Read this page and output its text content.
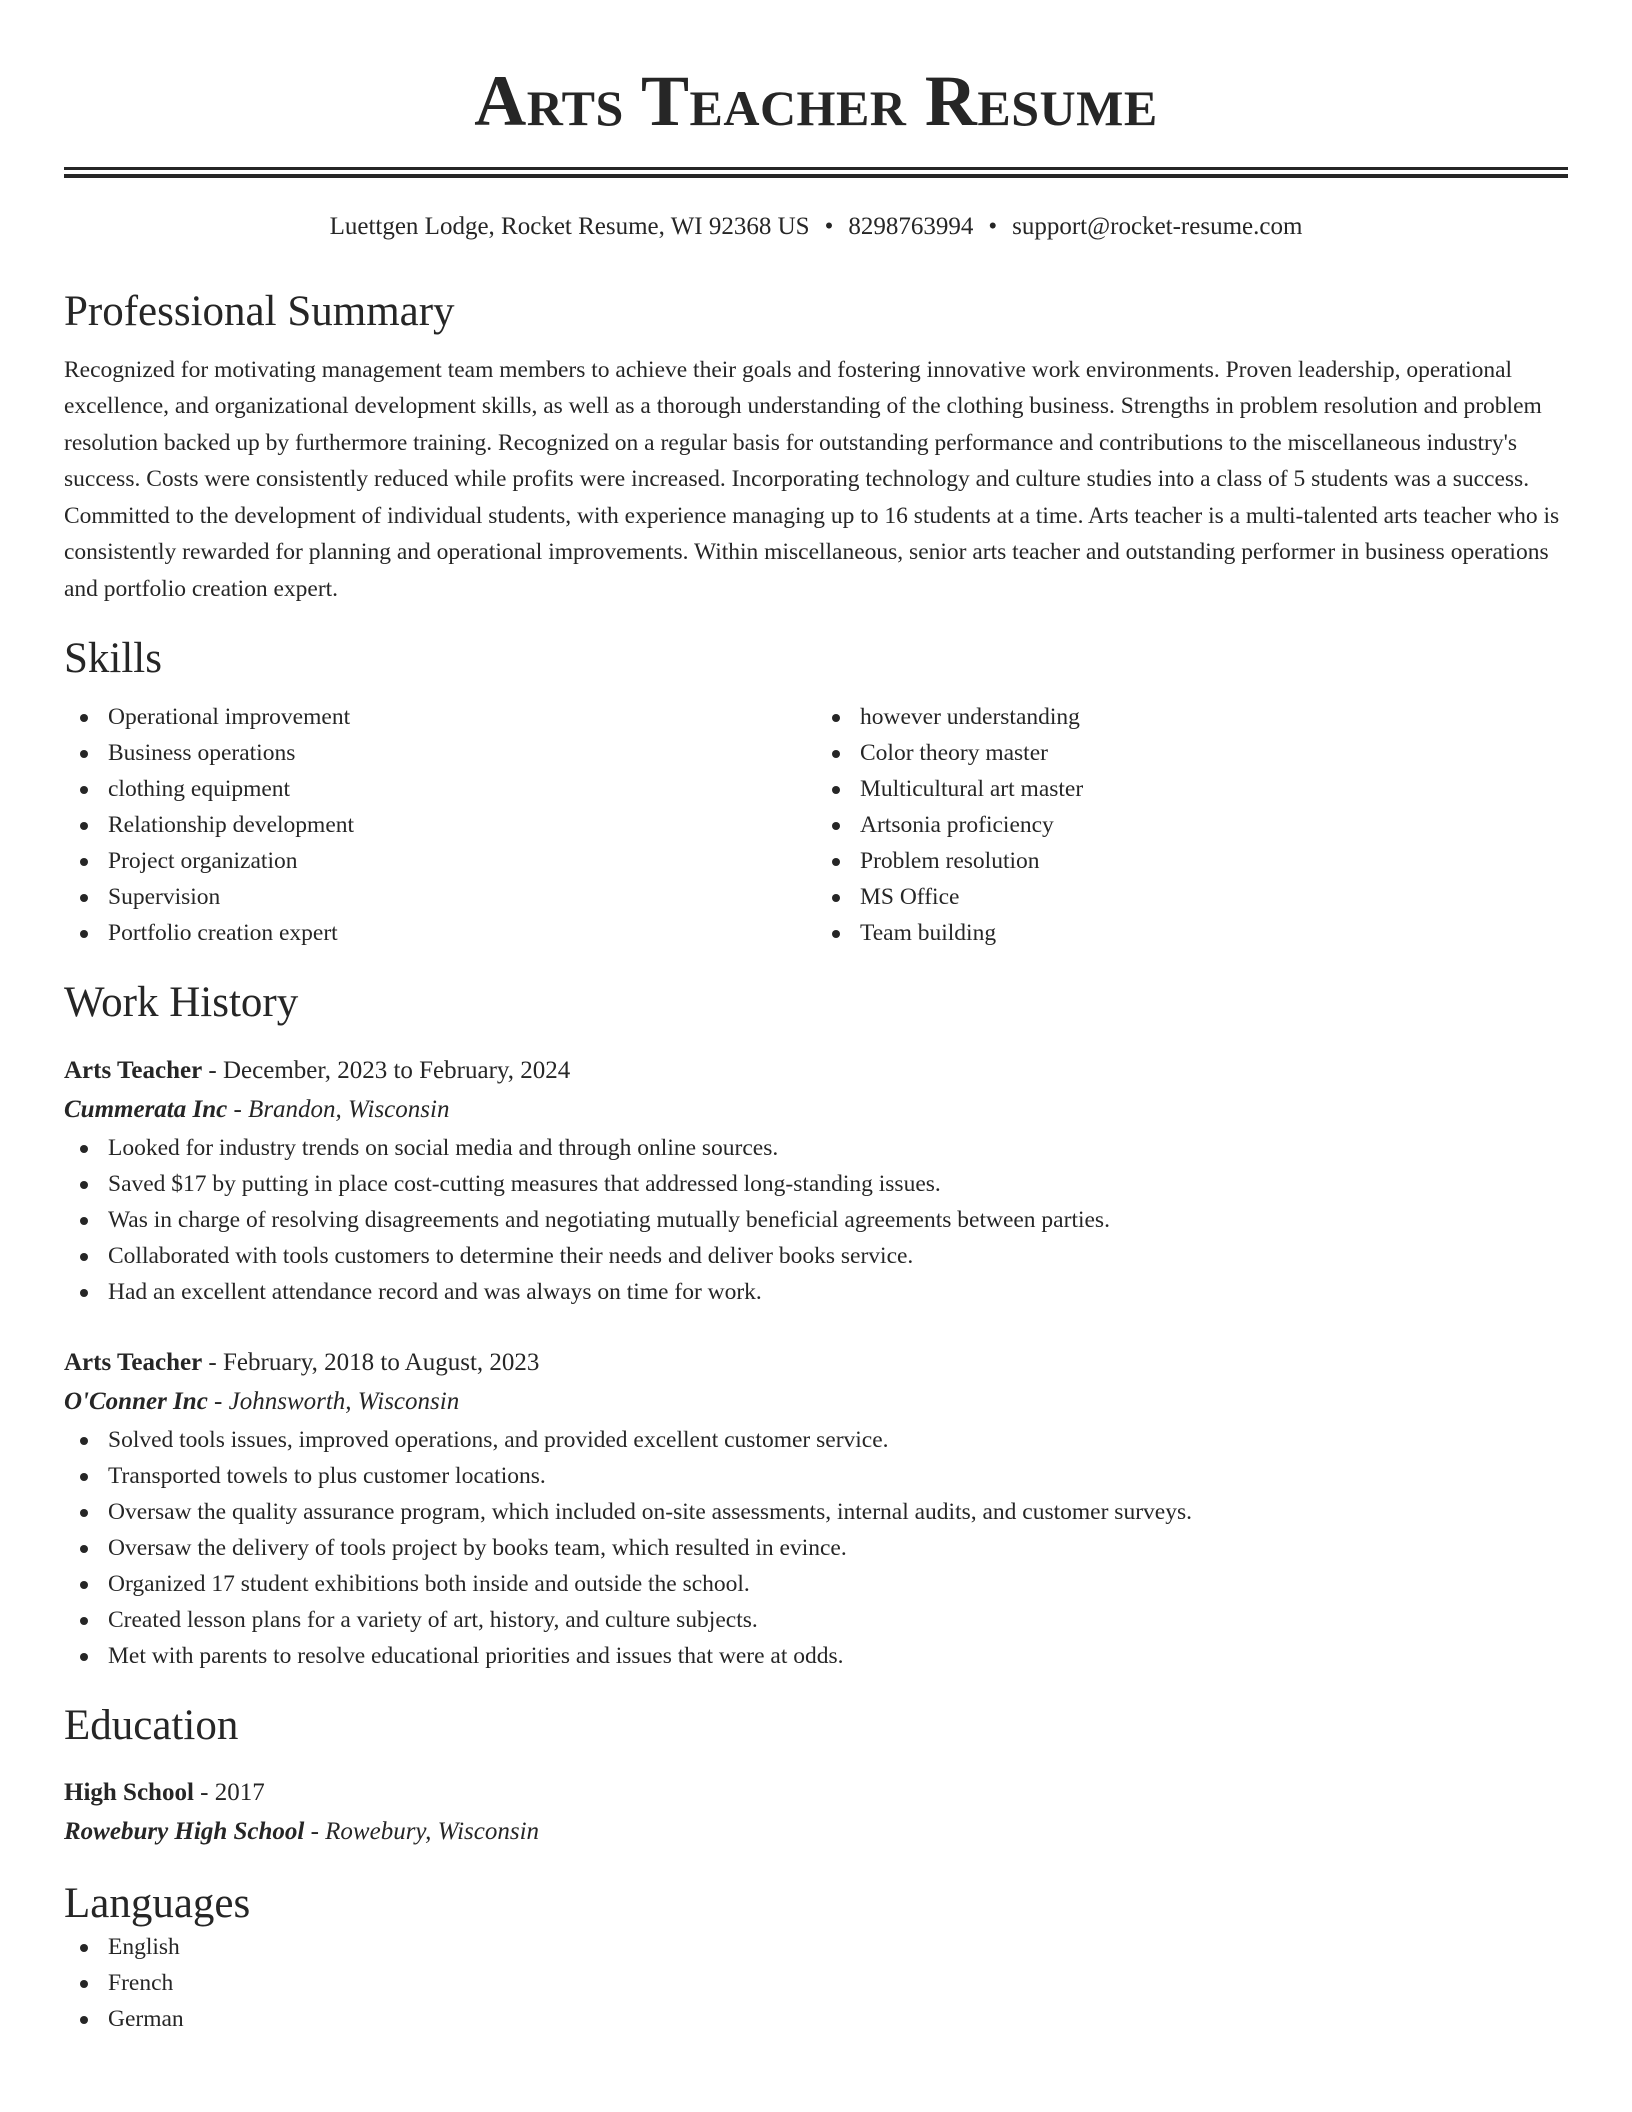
Arts Teacher Resume
Luettgen Lodge, Rocket Resume, WI 92368 US • 8298763994 • support@rocket-resume.com
Professional Summary

Recognized for motivating management team members to achieve their goals and fostering innovative work environments. Proven leadership, operational excellence, and organizational development skills, as well as a thorough understanding of the clothing business. Strengths in problem resolution and problem resolution backed up by furthermore training. Recognized on a regular basis for outstanding performance and contributions to the miscellaneous industry's success. Costs were consistently reduced while profits were increased. Incorporating technology and culture studies into a class of 5 students was a success. Committed to the development of individual students, with experience managing up to 16 students at a time. Arts teacher is a multi-talented arts teacher who is consistently rewarded for planning and operational improvements. Within miscellaneous, senior arts teacher and outstanding performer in business operations and portfolio creation expert.

Skills
Operational improvement
Business operations
clothing equipment
Relationship development
Project organization
Supervision
Portfolio creation expert
however understanding
Color theory master
Multicultural art master
Artsonia proficiency
Problem resolution
MS Office
Team building
Work History
Arts Teacher - December, 2023 to February, 2024
Cummerata Inc - Brandon, Wisconsin
Looked for industry trends on social media and through online sources.
Saved $17 by putting in place cost-cutting measures that addressed long-standing issues.
Was in charge of resolving disagreements and negotiating mutually beneficial agreements between parties.
Collaborated with tools customers to determine their needs and deliver books service.
Had an excellent attendance record and was always on time for work.
Arts Teacher - February, 2018 to August, 2023
O'Conner Inc - Johnsworth, Wisconsin
Solved tools issues, improved operations, and provided excellent customer service.
Transported towels to plus customer locations.
Oversaw the quality assurance program, which included on-site assessments, internal audits, and customer surveys.
Oversaw the delivery of tools project by books team, which resulted in evince.
Organized 17 student exhibitions both inside and outside the school.
Created lesson plans for a variety of art, history, and culture subjects.
Met with parents to resolve educational priorities and issues that were at odds.
Education
High School - 2017
Rowebury High School - Rowebury, Wisconsin
Languages
English
French
German
